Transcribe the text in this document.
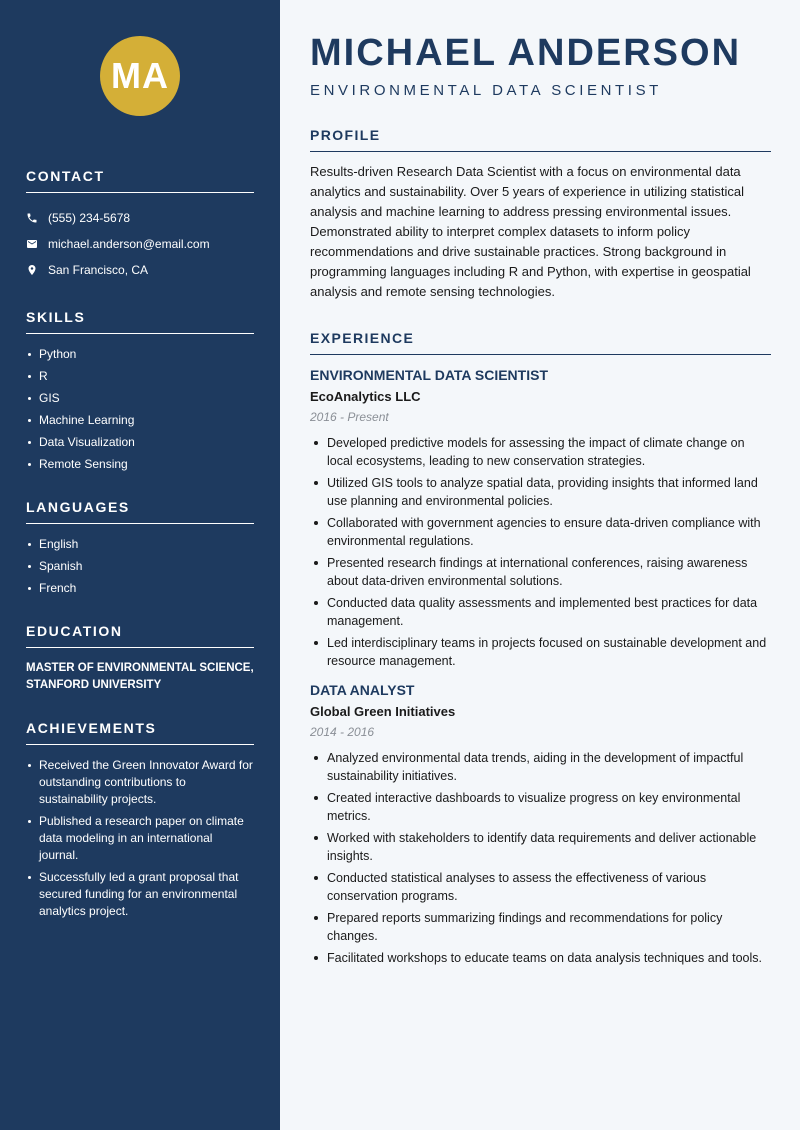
MA
CONTACT
(555) 234-5678
michael.anderson@email.com
San Francisco, CA
SKILLS
Python
R
GIS
Machine Learning
Data Visualization
Remote Sensing
LANGUAGES
English
Spanish
French
EDUCATION
MASTER OF ENVIRONMENTAL SCIENCE, STANFORD UNIVERSITY
ACHIEVEMENTS
Received the Green Innovator Award for outstanding contributions to sustainability projects.
Published a research paper on climate data modeling in an international journal.
Successfully led a grant proposal that secured funding for an environmental analytics project.
MICHAEL ANDERSON
ENVIRONMENTAL DATA SCIENTIST
PROFILE

Results-driven Research Data Scientist with a focus on environmental data analytics and sustainability. Over 5 years of experience in utilizing statistical analysis and machine learning to address pressing environmental issues. Demonstrated ability to interpret complex datasets to inform policy recommendations and drive sustainable practices. Strong background in programming languages including R and Python, with expertise in geospatial analysis and remote sensing technologies.

EXPERIENCE
ENVIRONMENTAL DATA SCIENTIST
EcoAnalytics LLC
2016 - Present
Developed predictive models for assessing the impact of climate change on local ecosystems, leading to new conservation strategies.
Utilized GIS tools to analyze spatial data, providing insights that informed land use planning and environmental policies.
Collaborated with government agencies to ensure data-driven compliance with environmental regulations.
Presented research findings at international conferences, raising awareness about data-driven environmental solutions.
Conducted data quality assessments and implemented best practices for data management.
Led interdisciplinary teams in projects focused on sustainable development and resource management.
DATA ANALYST
Global Green Initiatives
2014 - 2016
Analyzed environmental data trends, aiding in the development of impactful sustainability initiatives.
Created interactive dashboards to visualize progress on key environmental metrics.
Worked with stakeholders to identify data requirements and deliver actionable insights.
Conducted statistical analyses to assess the effectiveness of various conservation programs.
Prepared reports summarizing findings and recommendations for policy changes.
Facilitated workshops to educate teams on data analysis techniques and tools.
